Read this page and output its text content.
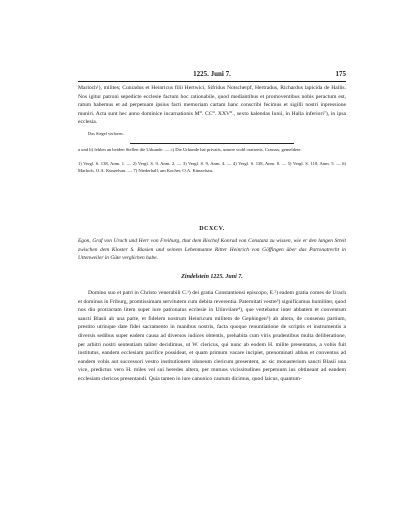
1225. Juni 7.	175
Marloch¹), milites; Cunradus et Heinricus filii Hertwici, Sifridus Notscherpf, Hertradus, Richardus lapicida de Hallis. Nos igitur patroni sepedicte ecclesie factum hoc rationabile, quod mediantibus et promoventibus nobis peractum est, ratum habemus et ad perpetuam ipsius facti memoriam cartam hanc conscribi fecimus et sigilli nostri inpressione muniri. Acta sunt hec anno dominice incarnationis M⁰. CC⁰. XXV⁰., sexto kalendas Iunii, in Halla inferiori⁷), in ipsa ecclesia.
Das Siegel verloren.
a und b) fehlen an beiden Stellen die Urkunde. — c) Die Urkunde hat privatis, unsere wohl orationis. Crassus, gemeldete.
1) Vergl. S. 138, Anm. 1. — 2) Vergl. S. 9, Anm. 2. — 3) Vergl. S. 9, Anm. 4. — 4) Vergl. S. 138, Anm. 8. — 5) Vergl. S. 118, Anm. 5. — 6) Marloch, O.A. Künzelsau. — 7) Niederhall, am Kocher, O.A. Künzelsau.
DCXCV.
Egon, Graf von Urach und Herr von Freiburg, thut dem Bischof Konrad von Constanz zu wissen, wie er den langen Streit zwischen dem Kloster S. Blasien und seinem Lehenmanne Ritter Heinrich von Göffingen über das Patronatrecht in Uttenweiler in Güte verglichen habe.
Zindelstein 1225. Juni 7.
Domino suo et patri in Christo venerabili C.¹) dei gratia Constantiensi episcopo, E.²) eadem gratia comes de Urach et dominus in Friburg, promtissimam servitutem cum debita reverentia. Paternitati vestre³) significamus humiliter, quod nos diu protractam litem super iure patronatus ecclesie in Utinvilare⁴), que vertebatur inter abbatem et conventum sancti Blasii ab una parte, et fidelem nostrum Heinricum militem de Gephingen⁵) ab altera, de consensu partium, prestito utrinque date fidei sacramento in manibus nostris, facta quoque renuntiatione de scriptis et instrumentis a diversis sedibus super eadem causa ad diversos iudices obtentis, prehabita cum viris prudentibus multa deliberatione, per arbitri nostri sententiam taliter decidimus, ut W. clericus, qui nunc ab eodem H. milite presentatus, a vobis fuit institutus, eandem ecclesiam pacifice possideat, et quam primum vacare incipiet, prenominati abbas et conventus ad eandem vobis aut successori vestro institutionem idoneum clericum presentent, ac sic monasterium sancti Blasii una vice, predictus vero H. miles vel sui heredes altera, per mutuos vicissitudines perpetuum ius obtineant ad eandem ecclesiam clericos presentandi. Quia tamen in iure canonico cautum dicimus, quod laicus, quantum-
